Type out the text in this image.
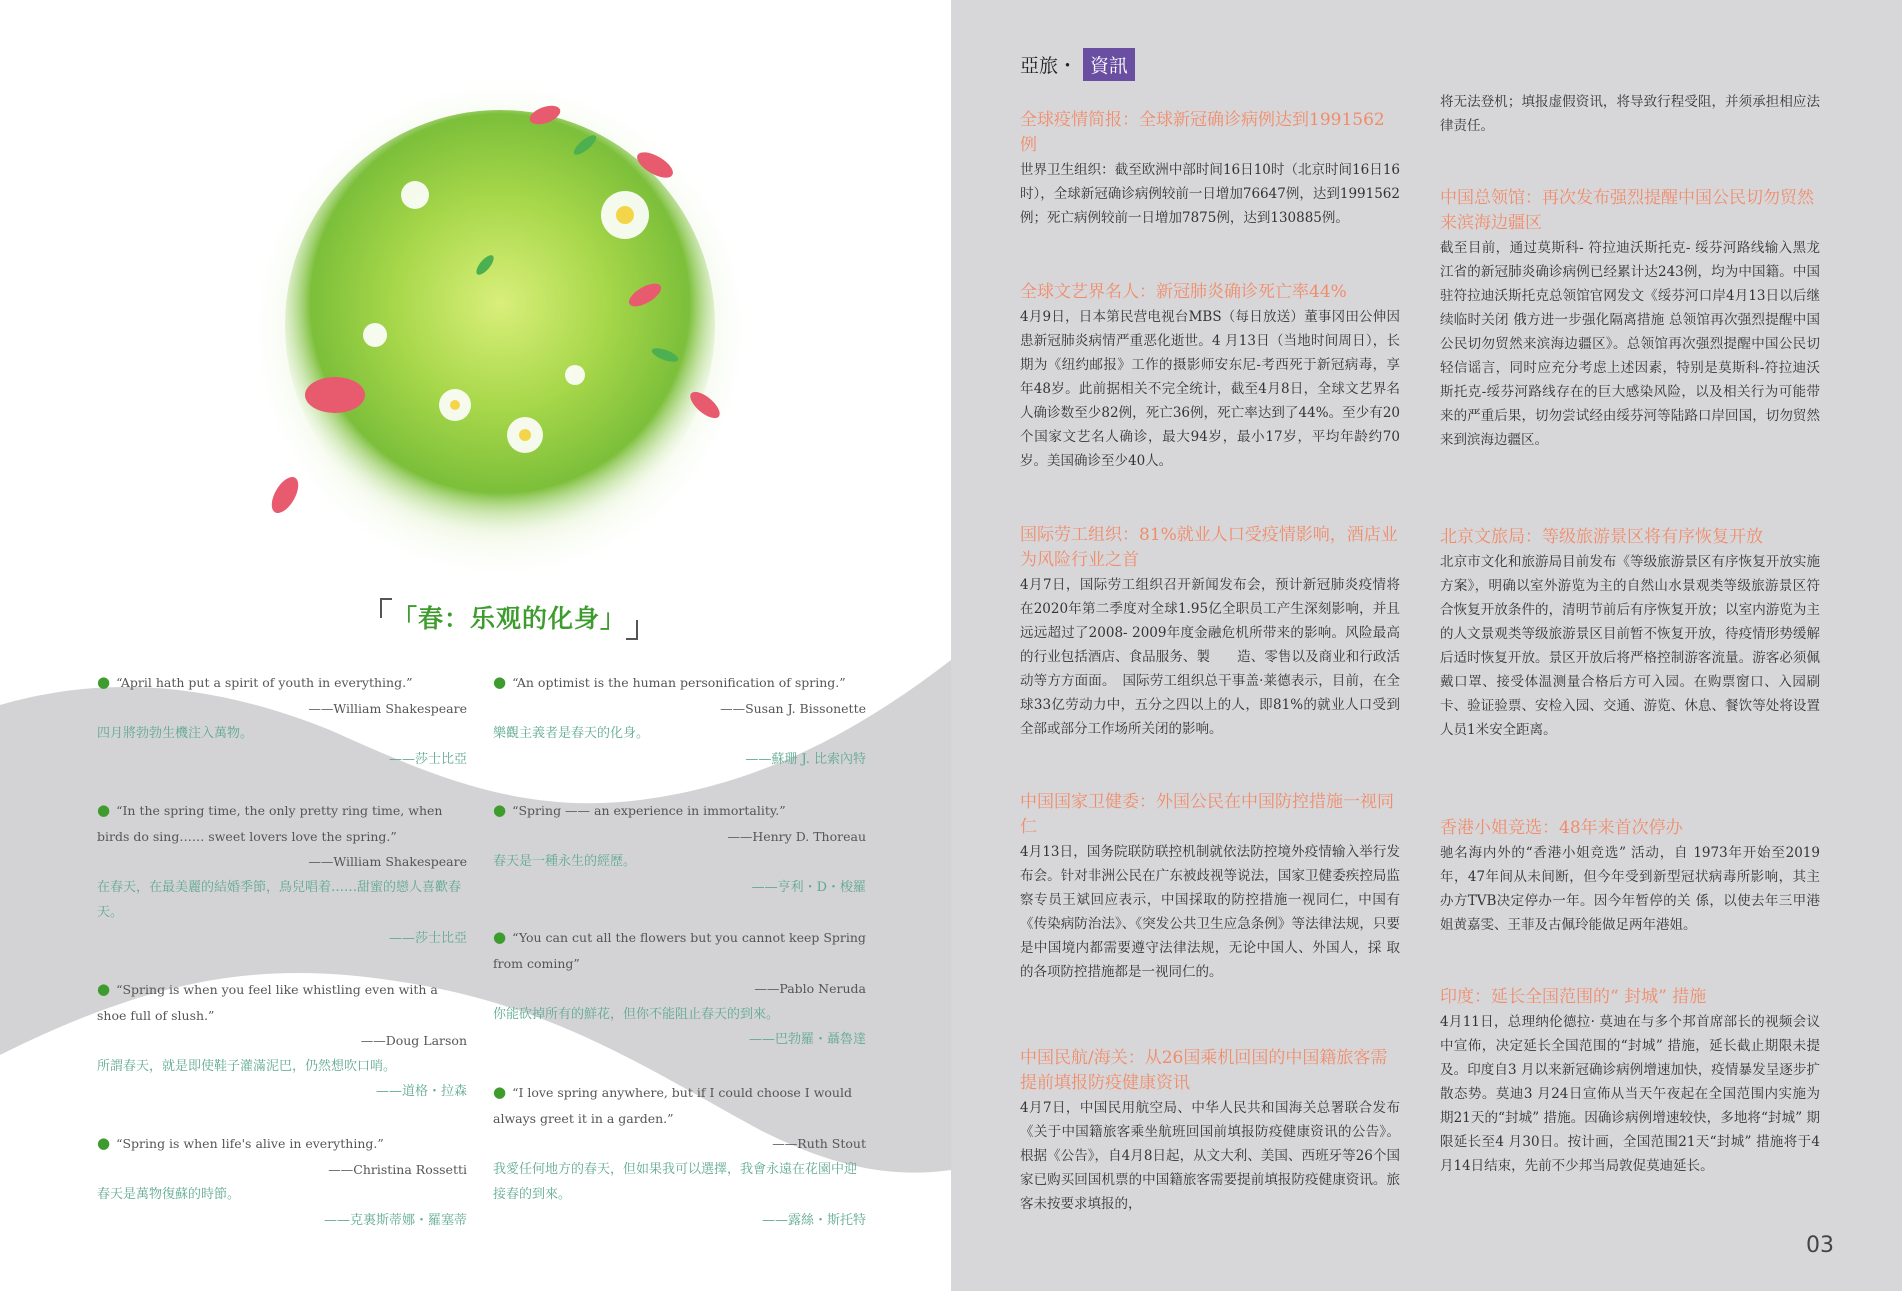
「春：乐观的化身」
● “April hath put a spirit of youth in everything.”
——William Shakespeare
四月將勃勃生機注入萬物。
——莎士比亞
● “An optimist is the human personification of spring.”
——Susan J. Bissonette
樂觀主義者是春天的化身。
——蘇珊 J. 比索內特
● “In the spring time, the only pretty ring time, when birds do sing…… sweet lovers love the spring.”
——William Shakespeare
在春天，在最美麗的結婚季節，鳥兒唱着……甜蜜的戀人喜歡春天。
——莎士比亞
● “Spring —— an experience in immortality.”
——Henry D. Thoreau
春天是一種永生的經歷。
——亨利・D・梭羅
● “You can cut all the flowers but you cannot keep Spring from coming”
——Pablo Neruda
你能砍掉所有的鮮花，但你不能阻止春天的到來。
——巴勃羅・聶魯達
● “Spring is when you feel like whistling even with a shoe full of slush.”
——Doug Larson
所謂春天，就是即使鞋子灌滿泥巴，仍然想吹口哨。
——道格・拉森 ● “I love spring anywhere, but if I could choose I would always greet it in a garden.”
——Ruth Stout
我愛任何地方的春天，但如果我可以選擇，我會永遠在花園中迎接春的到來。
——露絲・斯托特
● “Spring is when life's alive in everything.”
——Christina Rossetti
春天是萬物復蘇的時節。
——克裏斯蒂娜・羅塞蒂
亞旅・ 資訊
全球疫情简报：全球新冠确诊病例达到1991562例
世界卫生组织：截至欧洲中部时间16日10时（北京时间16日16时），全球新冠确诊病例较前一日增加76647例，达到1991562例；死亡病例较前一日增加7875例，达到130885例。
全球文艺界名人：新冠肺炎确诊死亡率44%
4月9日，日本第民营电视台MBS（每日放送）董事冈田公伸因患新冠肺炎病情严重恶化逝世。4 月13日（当地时间周日），长期为《纽约邮报》工作的摄影师安东尼-考西死于新冠病毒，享年48岁。此前据相关不完全统计，截至4月8日，全球文艺界名人确诊数至少82例，死亡36例，死亡率达到了44%。至少有20个国家文艺名人确诊，最大94岁，最小17岁，平均年龄约70岁。美国确诊至少40人。
国际劳工组织：81%就业人口受疫情影响，酒店业为风险行业之首
4月7日，国际劳工组织召开新闻发布会，预计新冠肺炎疫情将在2020年第二季度对全球1.95亿全职员工产生深刻影响，并且远远超过了2008- 2009年度金融危机所带来的影响。风险最高的行业包括酒店、食品服务、製　　造、零售以及商业和行政活动等方方面面。　国际劳工组织总干事盖·莱德表示，目前，在全球33亿劳动力中，五分之四以上的人，即81%的就业人口受到全部或部分工作场所关闭的影响。
中国国家卫健委：外国公民在中国防控措施一视同仁
4月13日，国务院联防联控机制就依法防控境外疫情输入举行发布会。针对非洲公民在广东被歧视等说法，国家卫健委疾控局监察专员王斌回应表示，中国採取的防控措施一视同仁，中国有《传染病防治法》、《突发公共卫生应急条例》等法律法规，只要是中国境内都需要遵守法律法规，无论中国人、外国人，採 取的各项防控措施都是一视同仁的。
中国民航/海关：从26国乘机回国的中国籍旅客需提前填报防疫健康资讯
4月7日，中国民用航空局、中华人民共和国海关总署联合发布《关于中国籍旅客乘坐航班回国前填报防疫健康资讯的公告》。根据《公告》，自4月8日起，从文大利、美国、西班牙等26个国家已购买回国机票的中国籍旅客需要提前填报防疫健康资讯。旅客未按要求填报的，
将无法登机；填报虚假资讯，将导致行程受阻，并须承担相应法律责任。
中国总领馆：再次发布强烈提醒中国公民切勿贸然来滨海边疆区
截至目前，通过莫斯科- 符拉迪沃斯托克- 绥芬河路线输入黑龙江省的新冠肺炎确诊病例已经累计达243例，均为中国籍。中国驻符拉迪沃斯托克总领馆官网发文《绥芬河口岸4月13日以后继续临时关闭 俄方进一步强化隔离措施 总领馆再次强烈提醒中国公民切勿贸然来滨海边疆区》。总领馆再次强烈提醒中国公民切轻信谣言，同时应充分考虑上述因素，特别是莫斯科-符拉迪沃斯托克-绥芬河路线存在的巨大感染风险，以及相关行为可能带来的严重后果，切勿尝试经由绥芬河等陆路口岸回国，切勿贸然来到滨海边疆区。
北京文旅局：等级旅游景区将有序恢复开放
北京市文化和旅游局目前发布《等级旅游景区有序恢复开放实施方案》，明确以室外游览为主的自然山水景观类等级旅游景区符合恢复开放条件的，清明节前后有序恢复开放；以室内游览为主的人文景观类等级旅游景区目前暂不恢复开放，待疫情形势缓解后适时恢复开放。景区开放后将严格控制游客流量。游客必须佩戴口罩、接受体温测量合格后方可入园。在购票窗口、入园刷卡、验证验票、安检入园、交通、游览、休息、餐饮等处将设置人员1米安全距离。
香港小姐竞选：48年来首次停办
驰名海内外的“香港小姐竞选” 活动，自 1973年开始至2019年，47年间从未间断，但今年受到新型冠状病毒所影响，其主办方TVB决定停办一年。因今年暂停的关 係，以使去年三甲港姐黄嘉雯、王菲及古佩玲能做足两年港姐。
印度：延长全国范围的“ 封城” 措施
4月11日，总理纳伦德拉· 莫迪在与多个邦首席部长的视频会议中宣佈，决定延长全国范围的“封城” 措施，延长截止期限未提及。印度自3 月以来新冠确诊病例增速加快，疫情暴发呈逐步扩散态势。莫迪3 月24日宣佈从当天午夜起在全国范围内实施为期21天的“封城” 措施。因确诊病例增速较快，多地将“封城” 期限延长至4 月30日。按计画，全国范围21天“封城” 措施将于4 月14日结束，先前不少邦当局敦促莫迪延长。
03
